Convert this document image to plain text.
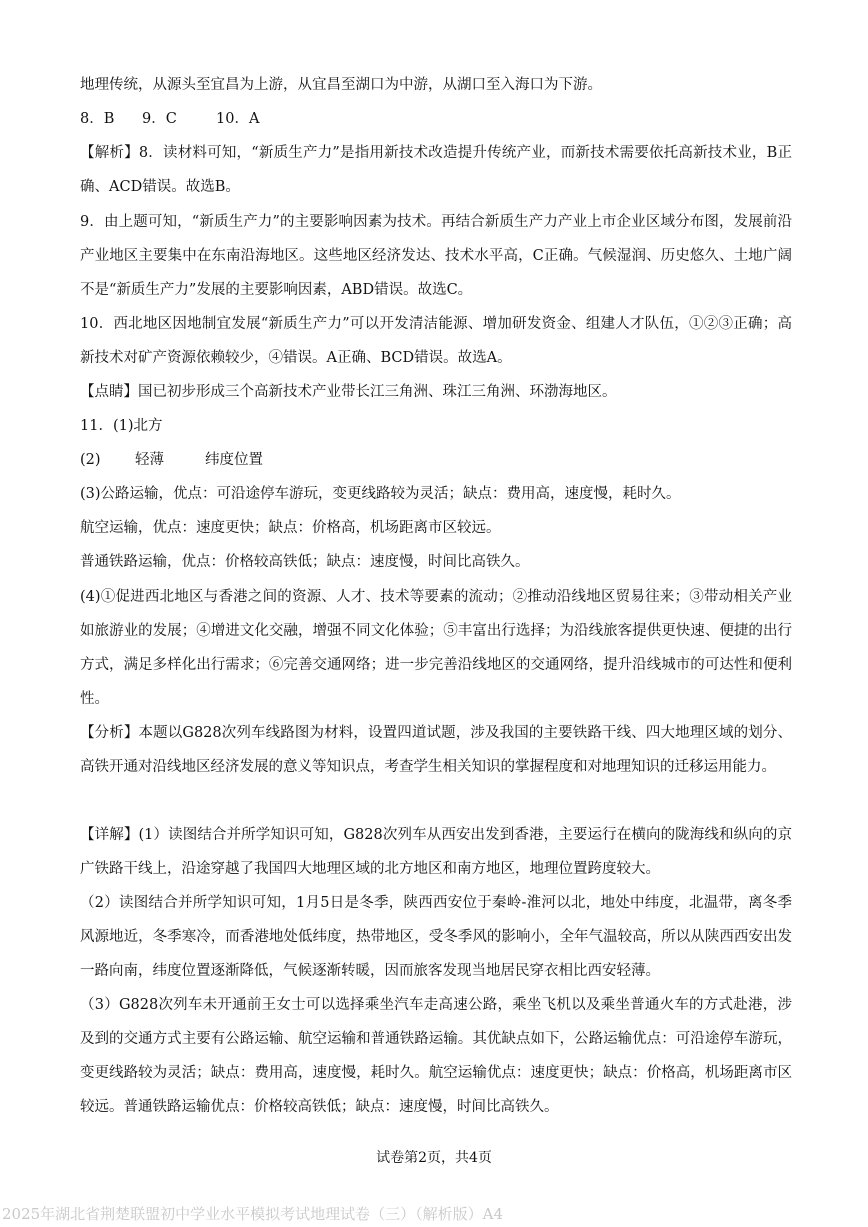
地理传统，从源头至宜昌为上游，从宜昌至湖口为中游，从湖口至入海口为下游。

8．B 9．C	10．A

【解析】8．读材料可知，“新质生产力”是指用新技术改造提升传统产业，而新技术需要依托高新技术业，B正确、ACD错误。故选B。

9．由上题可知，“新质生产力”的主要影响因素为技术。再结合新质生产力产业上市企业区域分布图，发展前沿产业地区主要集中在东南沿海地区。这些地区经济发达、技术水平高，C正确。气候湿润、历史悠久、土地广阔不是“新质生产力”发展的主要影响因素，ABD错误。故选C。

10．西北地区因地制宜发展“新质生产力”可以开发清洁能源、增加研发资金、组建人才队伍，①②③正确；高新技术对矿产资源依赖较少，④错误。A正确、BCD错误。故选A。

【点睛】国已初步形成三个高新技术产业带长江三角洲、珠江三角洲、环渤海地区。

11．(1)北方

(2) 轻薄	纬度位置

(3)公路运输，优点：可沿途停车游玩，变更线路较为灵活；缺点：费用高，速度慢，耗时久。

航空运输，优点：速度更快；缺点：价格高，机场距离市区较远。

普通铁路运输，优点：价格较高铁低；缺点：速度慢，时间比高铁久。

(4)①促进西北地区与香港之间的资源、人才、技术等要素的流动；②推动沿线地区贸易往来；③带动相关产业如旅游业的发展；④增进文化交融，增强不同文化体验；⑤丰富出行选择；为沿线旅客提供更快速、便捷的出行方式，满足多样化出行需求；⑥完善交通网络；进一步完善沿线地区的交通网络，提升沿线城市的可达性和便利性。

【分析】本题以G828次列车线路图为材料，设置四道试题，涉及我国的主要铁路干线、四大地理区域的划分、高铁开通对沿线地区经济发展的意义等知识点，考查学生相关知识的掌握程度和对地理知识的迁移运用能力。

【详解】(1）读图结合并所学知识可知，G828次列车从西安出发到香港，主要运行在横向的陇海线和纵向的京广铁路干线上，沿途穿越了我国四大地理区域的北方地区和南方地区，地理位置跨度较大。

（2）读图结合并所学知识可知，1月5日是冬季，陕西西安位于秦岭-淮河以北，地处中纬度，北温带，离冬季风源地近，冬季寒冷，而香港地处低纬度，热带地区，受冬季风的影响小，全年气温较高，所以从陕西西安出发一路向南，纬度位置逐渐降低，气候逐渐转暖，因而旅客发现当地居民穿衣相比西安轻薄。

（3）G828次列车未开通前王女士可以选择乘坐汽车走高速公路，乘坐飞机以及乘坐普通火车的方式赴港，涉及到的交通方式主要有公路运输、航空运输和普通铁路运输。其优缺点如下，公路运输优点：可沿途停车游玩，变更线路较为灵活；缺点：费用高，速度慢，耗时久。航空运输优点：速度更快；缺点：价格高，机场距离市区较远。普通铁路运输优点：价格较高铁低；缺点：速度慢，时间比高铁久。

试卷第2页，共4页
2025年湖北省荆楚联盟初中学业水平模拟考试地理试卷（三）（解析版）A4
